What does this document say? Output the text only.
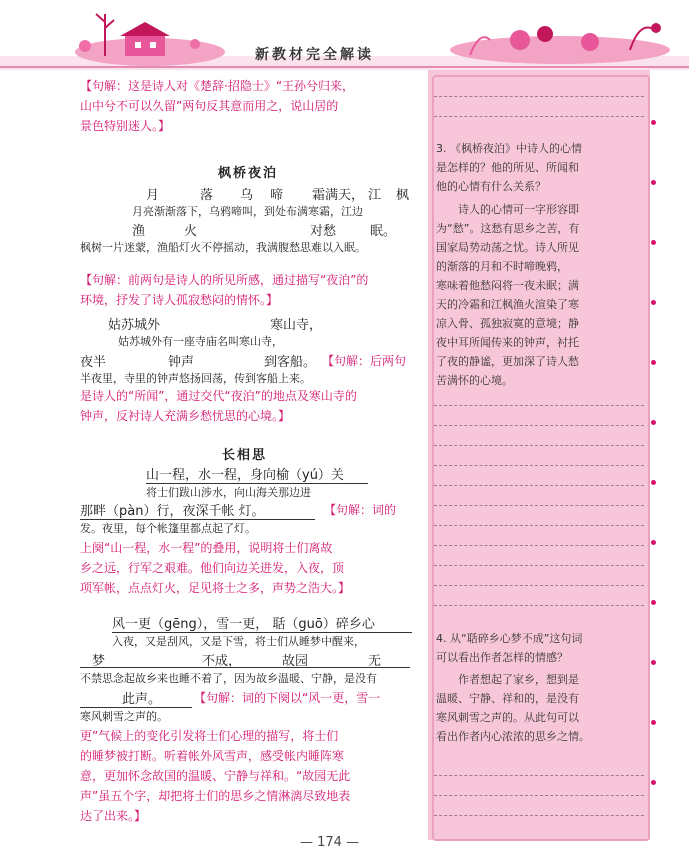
新教材完全解读
【句解：这是诗人对《楚辞·招隐士》“王孙兮归来，
山中兮不可以久留”两句反其意而用之，说山居的
景色特别迷人。】
枫桥夜泊
月	落 乌 啼 霜满天， 江 枫
月亮渐渐落下，乌鸦啼叫，到处布满寒霜，江边
渔	火	对愁	眠。
枫树一片迷蒙，渔船灯火不停摇动，我满腹愁思难以入眠。
【句解：前两句是诗人的所见所感，通过描写“夜泊”的
环境，抒发了诗人孤寂愁闷的情怀。】
姑苏城外	寒山寺，
姑苏城外有一座寺庙名叫寒山寺，
夜半	钟声	到客船。 【句解：后两句
半夜里，寺里的钟声悠扬回荡，传到客船上来。
是诗人的“所闻”，通过交代“夜泊”的地点及寒山寺的
钟声，反衬诗人充满乡愁忧思的心境。】
长相思
山一程，水一程，身向榆（yú）关
将士们跋山涉水，向山海关那边进
那畔（pàn）行，夜深千帐 灯。	【句解：词的
发。夜里，每个帐篷里都点起了灯。
上阕“山一程，水一程”的叠用，说明将士们离故
乡之远，行军之艰难。他们向边关进发，入夜，顶
项军帐，点点灯火，足见将士之多，声势之浩大。】
风一更（gēng），雪一更， 聒（guō）碎乡心
入夜，又是刮风，又是下雪，将士们从睡梦中醒来，
梦	不成，	故园	无
不禁思念起故乡来也睡不着了，因为故乡温暖、宁静，是没有
此声。	【句解：词的下阕以“风一更，雪一
寒风刺雪之声的。
更”气候上的变化引发将士们心理的描写，将士们
的睡梦被打断。听着帐外风雪声，感受帐内睡阵寒
意，更加怀念故国的温暖、宁静与祥和。“故园无此
声”虽五个字，却把将士们的思乡之情淋漓尽致地表
达了出来。】
3. 《枫桥夜泊》中诗人的心情
是怎样的？他的所见、所闻和
他的心情有什么关系？
诗人的心情可一字形容即
为“愁”。这愁有思乡之苦，有
国家局势动荡之忧。诗人所见
的渐落的月和不时啼晚鸦，
寒味着他愁闷将一夜未眠；满
天的冷霜和江枫渔火渲染了寒
凉入骨、孤独寂寞的意境；静
夜中耳所闻传来的钟声，衬托
了夜的静谧，更加深了诗人愁
苦满怀的心境。
4. 从“聒碎乡心梦不成”这句词
可以看出作者怎样的情感？
作者想起了家乡，想到是
温暖、宁静、祥和的，是没有
寒风刺雪之声的。从此句可以
看出作者内心浓浓的思乡之情。
— 174 —
